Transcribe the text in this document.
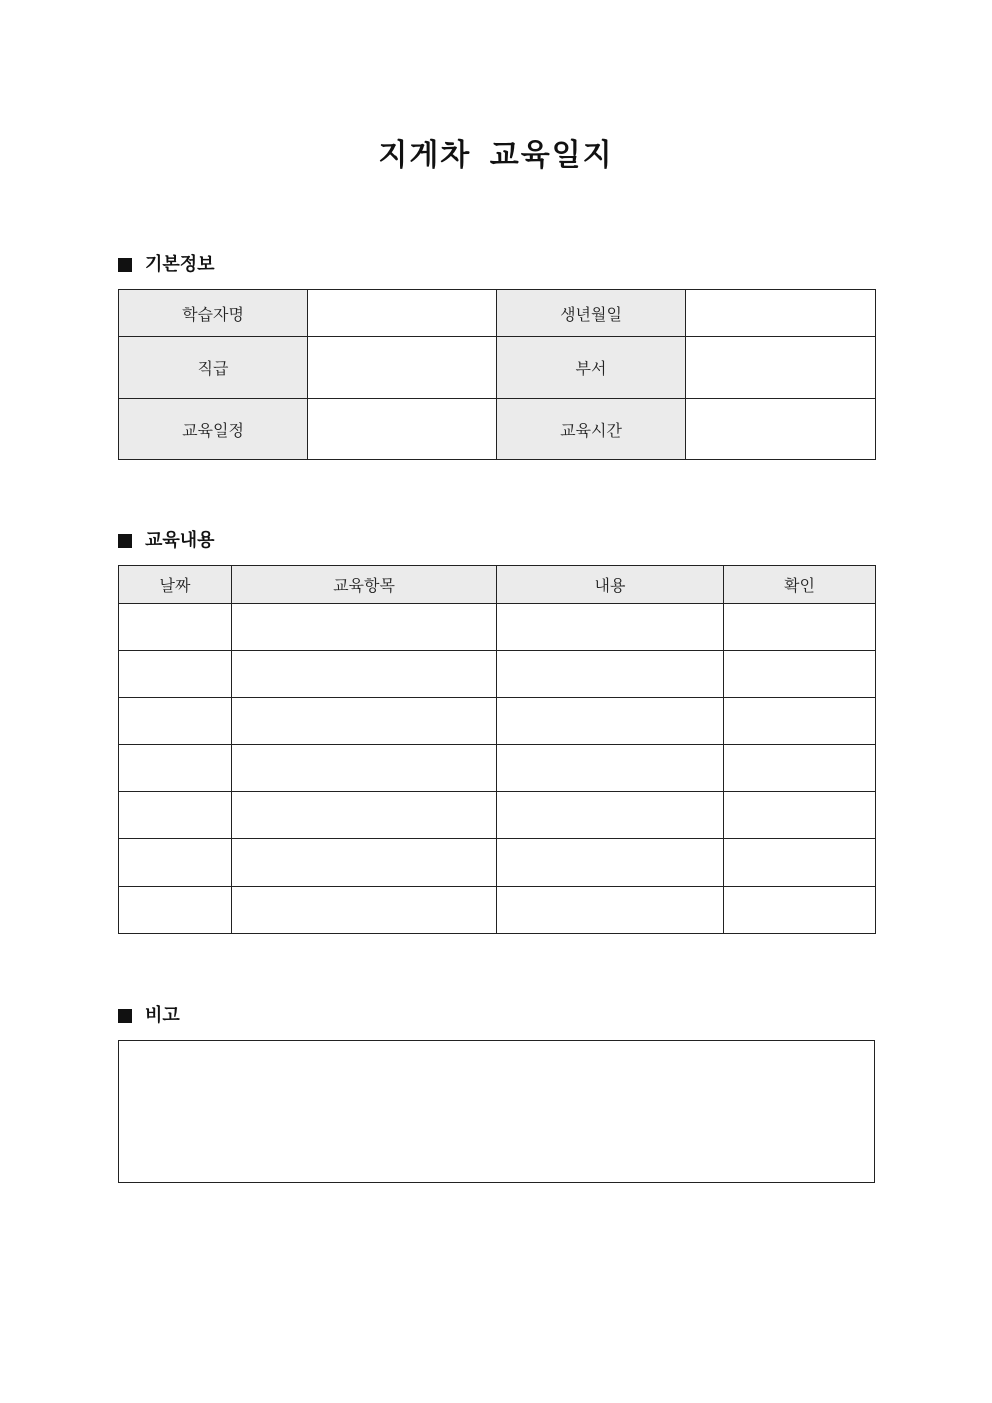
지게차 교육일지
기본정보
학습자명		생년월일	
직급		부서	
교육일정		교육시간	
교육내용
날짜	교육항목	내용	확인

비고
